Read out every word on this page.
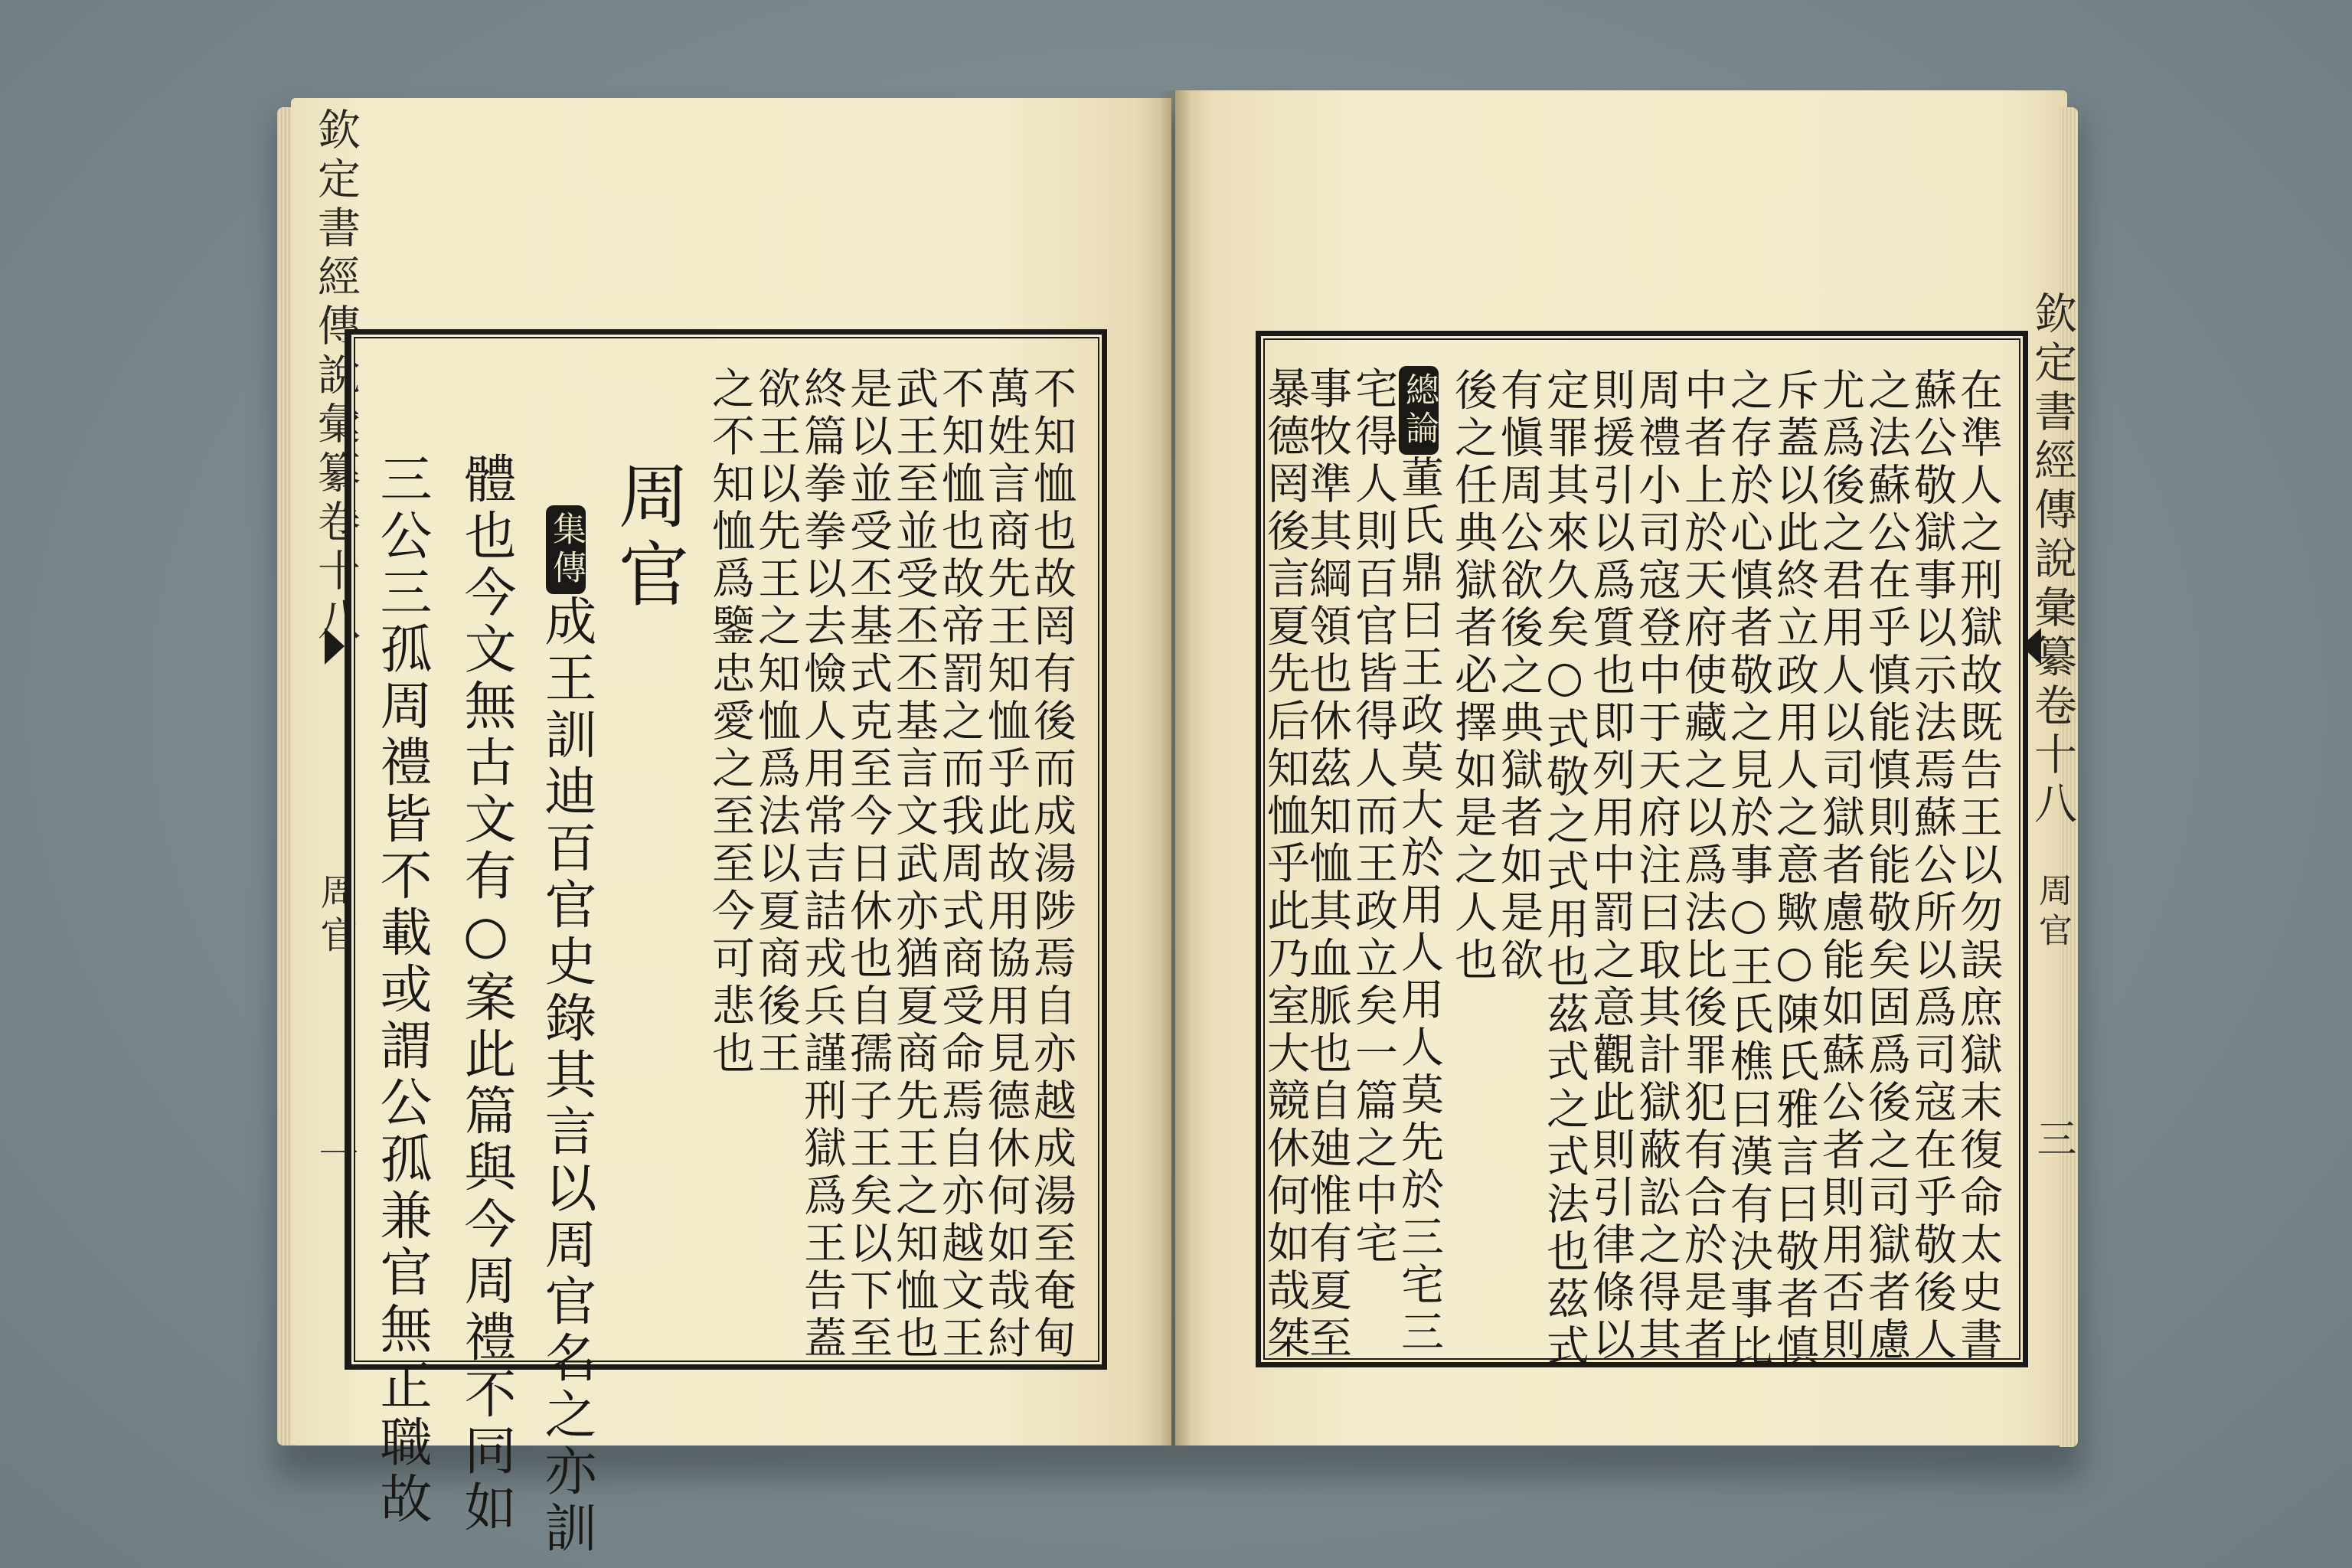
欽定書經傳說彙纂卷十八
周官
一
之不知恤爲鑒忠愛之至至今可悲也
欲王以先王之知恤爲法以夏商後王
終篇拳拳以去憸人用常吉詰戎兵謹刑獄爲王告蓋
是以並受丕基式克至今日休也自孺子王矣以下至
武王至並受丕丕基言文武亦猶夏商先王之知恤也
不知恤也故帝罰之而我周式商受命焉自亦越文王
萬姓言商先王知恤乎此故用協用見德休何如哉紂
不知恤也故罔有後而成湯陟焉自亦越成湯至奄甸
周官
集傳成王訓迪百官史錄其言以周官名之亦訓
體也今文無古文有○案此篇與今周禮不同如
三公三孤周禮皆不載或謂公孤兼官無正職故	欽定書經傳說彙纂卷十八
周官
三
在準人之刑獄故既告王以勿誤庶獄末復命太史書
蘇公敬獄事以示法焉蘇公所以爲司寇在乎敬後人
之法蘇公在乎慎能慎則能敬矣固爲後之司獄者慮
尤爲後之君用人以司獄者慮能如蘇公者則用否則
斥蓋以此終立政用人之意歟○陳氏雅言曰敬者慎
之存於心慎者敬之見於事○王氏樵曰漢有決事比
中者上於天府使藏之以爲法比後罪犯有合於是者
周禮小司寇登中于天府注曰取其計獄蔽訟之得其
則援引以爲質也即列用中罰之意觀此則引律條以
定罪其來久矣○式敬之式用也茲式之式法也茲式
有愼周公欲後之典獄者如是欲
後之任典獄者必擇如是之人也
總論董氏鼎曰王政莫大於用人用人莫先於三宅三
宅得人則百官皆得人而王政立矣一篇之中宅
事牧準其綱領也休茲知恤其血脈也自廸惟有夏至
暴德罔後言夏先后知恤乎此乃室大競休何如哉桀
